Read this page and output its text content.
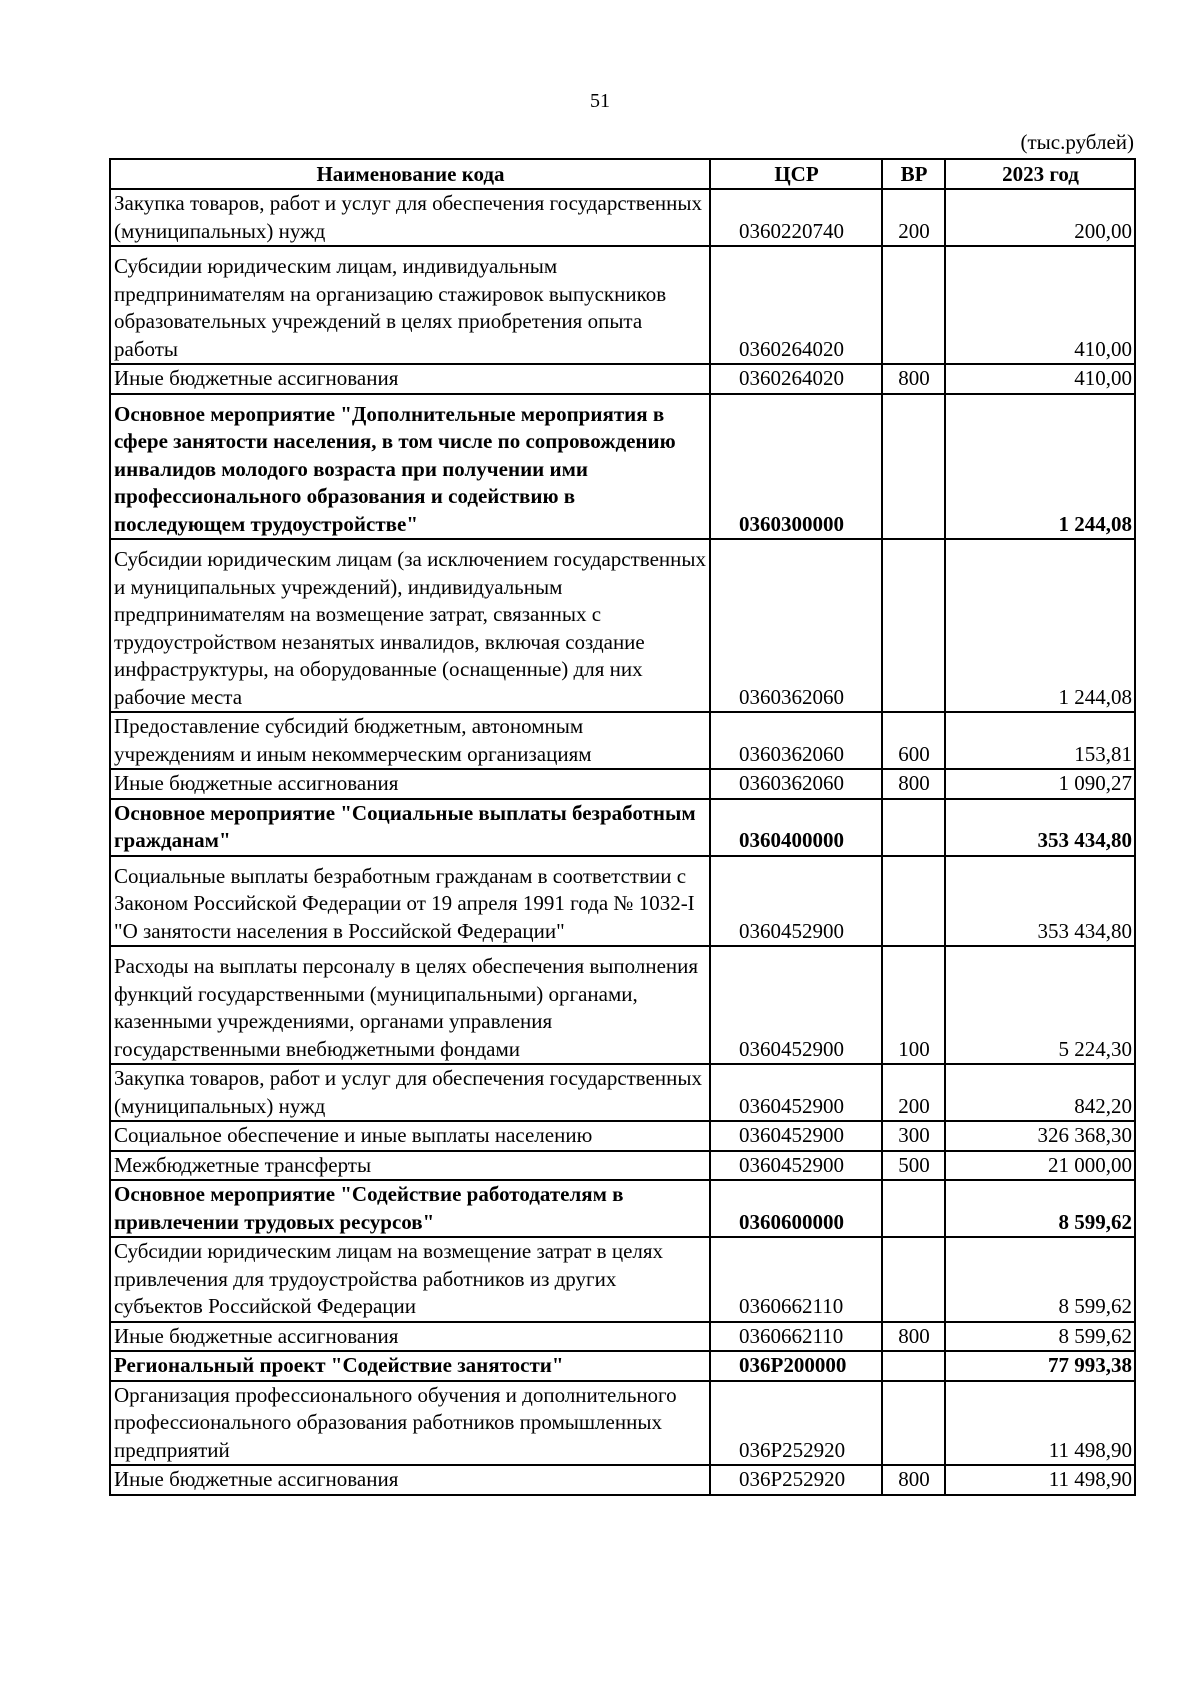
51
(тыс.рублей)
Наименование кода	ЦСР	ВР	2023 год
Закупка товаров, работ и услуг для обеспечения государственных (муниципальных) нужд	0360220740	200	200,00
Субсидии юридическим лицам, индивидуальным предпринимателям на организацию стажировок выпускников образовательных учреждений в целях приобретения опыта работы	0360264020		410,00
Иные бюджетные ассигнования	0360264020	800	410,00
Основное мероприятие "Дополнительные мероприятия в сфере занятости населения, в том числе по сопровождению инвалидов молодого возраста при получении ими профессионального образования и содействию в последующем трудоустройстве"	0360300000		1 244,08
Субсидии юридическим лицам (за исключением государственных и муниципальных учреждений), индивидуальным предпринимателям на возмещение затрат, связанных с трудоустройством незанятых инвалидов, включая создание инфраструктуры, на оборудованные (оснащенные) для них рабочие места	0360362060		1 244,08
Предоставление субсидий бюджетным, автономным учреждениям и иным некоммерческим организациям	0360362060	600	153,81
Иные бюджетные ассигнования	0360362060	800	1 090,27
Основное мероприятие "Социальные выплаты безработным гражданам"	0360400000		353 434,80
Социальные выплаты безработным гражданам в соответствии с Законом Российской Федерации от 19 апреля 1991 года № 1032-I "О занятости населения в Российской Федерации"	0360452900		353 434,80
Расходы на выплаты персоналу в целях обеспечения выполнения функций государственными (муниципальными) органами, казенными учреждениями, органами управления государственными внебюджетными фондами	0360452900	100	5 224,30
Закупка товаров, работ и услуг для обеспечения государственных (муниципальных) нужд	0360452900	200	842,20
Социальное обеспечение и иные выплаты населению	0360452900	300	326 368,30
Межбюджетные трансферты	0360452900	500	21 000,00
Основное мероприятие "Содействие работодателям в привлечении трудовых ресурсов"	0360600000		8 599,62
Субсидии юридическим лицам на возмещение затрат в целях привлечения для трудоустройства работников из других субъектов Российской Федерации	0360662110		8 599,62
Иные бюджетные ассигнования	0360662110	800	8 599,62
Региональный проект "Содействие занятости"	036P200000		77 993,38
Организация профессионального обучения и дополнительного профессионального образования работников промышленных предприятий	036P252920		11 498,90
Иные бюджетные ассигнования	036P252920	800	11 498,90
